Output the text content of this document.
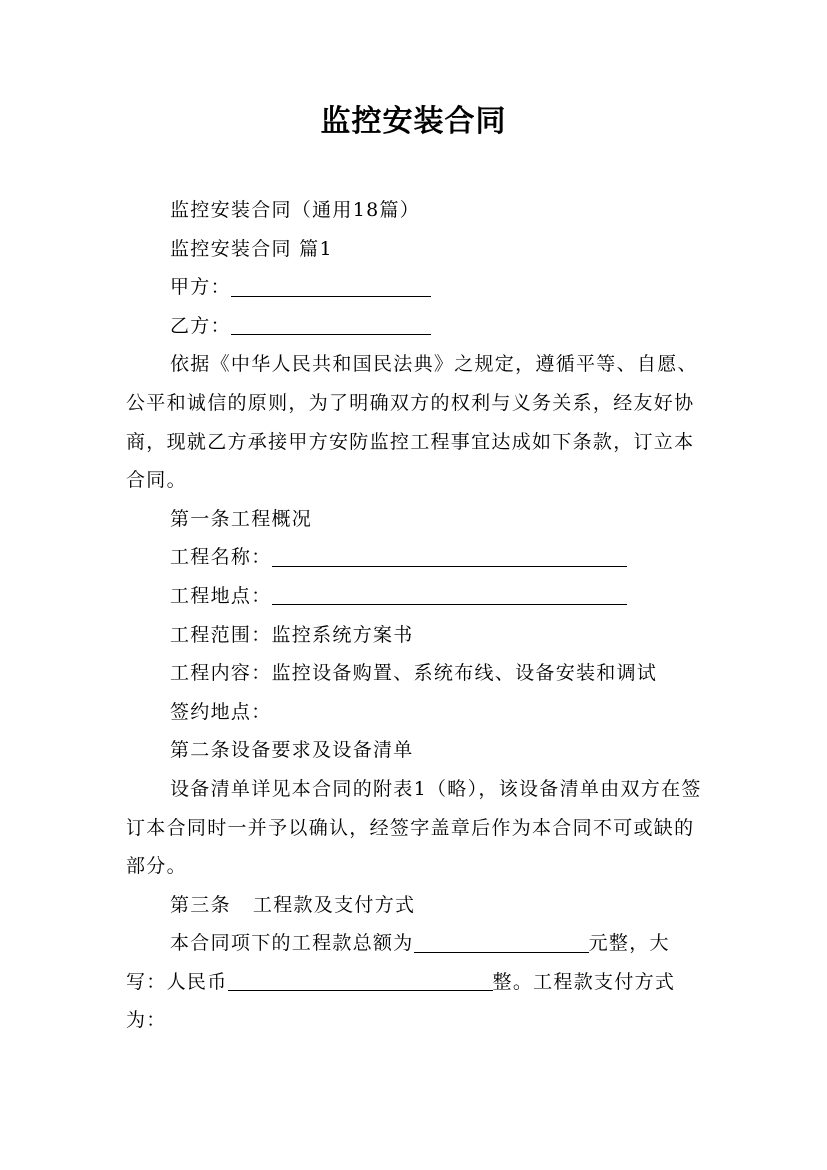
监控安装合同

监控安装合同（通用18篇）

监控安装合同 篇1

甲方：

乙方：

依据《中华人民共和国民法典》之规定，遵循平等、自愿、公平和诚信的原则，为了明确双方的权利与义务关系，经友好协商，现就乙方承接甲方安防监控工程事宜达成如下条款，订立本合同。

第一条工程概况

工程名称：

工程地点：

工程范围：监控系统方案书

工程内容：监控设备购置、系统布线、设备安装和调试

签约地点：

第二条设备要求及设备清单

设备清单详见本合同的附表1（略），该设备清单由双方在签订本合同时一并予以确认，经签字盖章后作为本合同不可或缺的部分。

第三条 工程款及支付方式

本合同项下的工程款总额为	元整，大写：人民币	整。工程款支付方式为：
